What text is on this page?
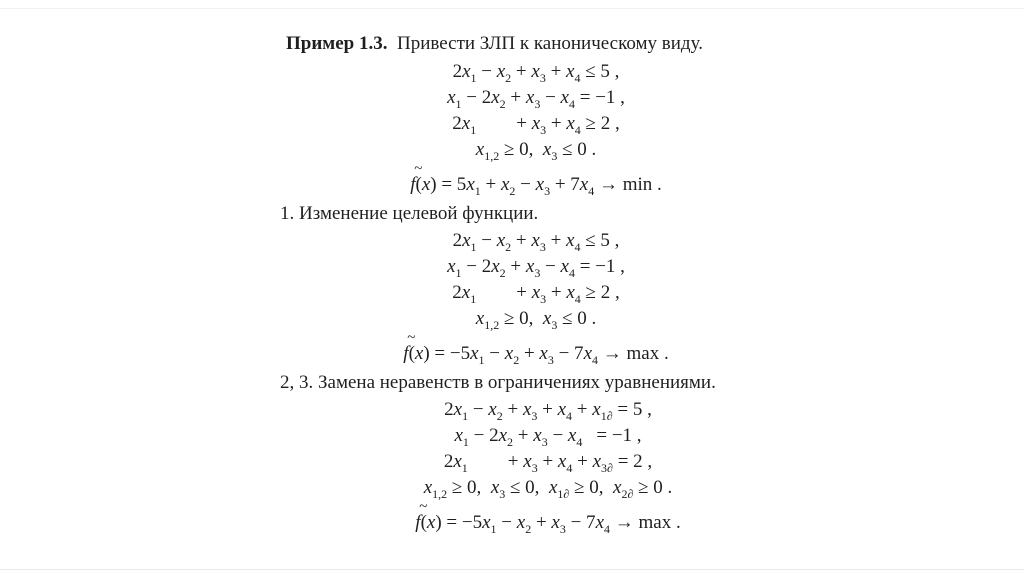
Пример 1.3.  Привести ЗЛП к каноническому виду.

$2x_1 - x_2 + x_3 + x_4 \le 5$ ,
$x_1 - 2x_2 + x_3 - x_4 = -1$ ,
$2x_1 + x_3 + x_4 \ge 2$ ,
$x_{1,2} \ge 0$,  $x_3 \le 0$ .
~
$f(x) = 5x_1 + x_2 - x_3 + 7x_4 \to \min$ .

1. Изменение целевой функции.

$2x_1 - x_2 + x_3 + x_4 \le 5$ ,
$x_1 - 2x_2 + x_3 - x_4 = -1$ ,
$2x_1 + x_3 + x_4 \ge 2$ ,
$x_{1,2} \ge 0$,  $x_3 \le 0$ .
~
$f(x) = -5x_1 - x_2 + x_3 - 7x_4 \to \max$ .

2, 3. Замена неравенств в ограничениях уравнениями.

$2x_1 - x_2 + x_3 + x_4 + x_{1\partial} = 5$ ,
$x_1 - 2x_2 + x_3 - x_4 = -1$ ,
$2x_1 + x_3 + x_4 + x_{3\partial} = 2$ ,
$x_{1,2} \ge 0$,  $x_3 \le 0$,  $x_{1\partial} \ge 0$,  $x_{2\partial} \ge 0$ .
~
$f(x) = -5x_1 - x_2 + x_3 - 7x_4 \to \max$ .
